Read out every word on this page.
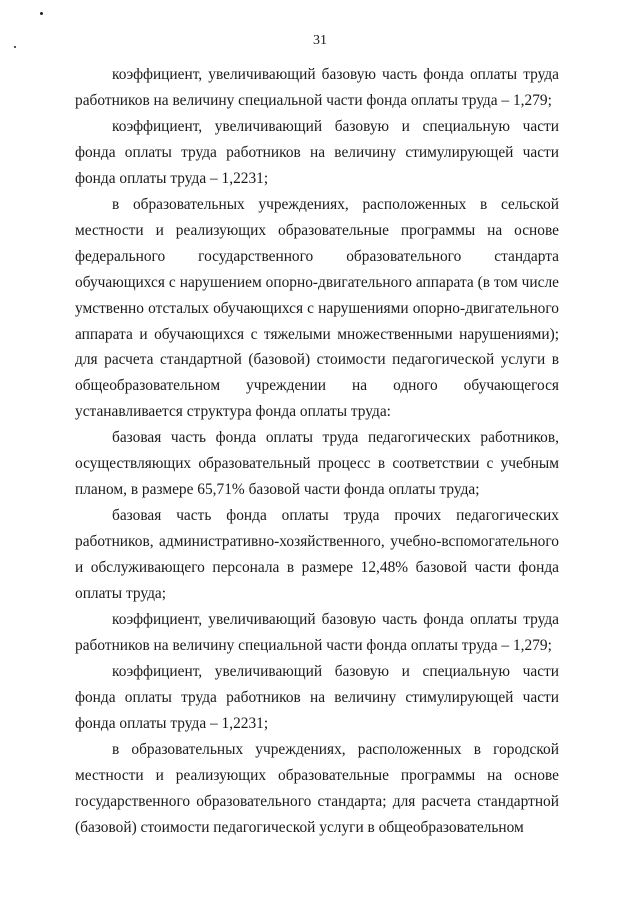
31

коэффициент, увеличивающий базовую часть фонда оплаты труда работников на величину специальной части фонда оплаты труда – 1,279;

коэффициент, увеличивающий базовую и специальную части фонда оплаты труда работников на величину стимулирующей части фонда оплаты труда – 1,2231;

в образовательных учреждениях, расположенных в сельской местности и реализующих образовательные программы на основе федерального государственного образовательного стандарта обучающихся с нарушением опорно-двигательного аппарата (в том числе умственно отсталых обучающихся с нарушениями опорно-двигательного аппарата и обучающихся с тяжелыми множественными нарушениями); для расчета стандартной (базовой) стоимости педагогической услуги в общеобразовательном учреждении на одного обучающегося устанавливается структура фонда оплаты труда:

базовая часть фонда оплаты труда педагогических работников, осуществляющих образовательный процесс в соответствии с учебным планом, в размере 65,71% базовой части фонда оплаты труда;

базовая часть фонда оплаты труда прочих педагогических работников, административно-хозяйственного, учебно-вспомогательного и обслуживающего персонала в размере 12,48% базовой части фонда оплаты труда;

коэффициент, увеличивающий базовую часть фонда оплаты труда работников на величину специальной части фонда оплаты труда – 1,279;

коэффициент, увеличивающий базовую и специальную части фонда оплаты труда работников на величину стимулирующей части фонда оплаты труда – 1,2231;

в образовательных учреждениях, расположенных в городской местности и реализующих образовательные программы на основе государственного образовательного стандарта; для расчета стандартной (базовой) стоимости педагогической услуги в общеобразовательном
